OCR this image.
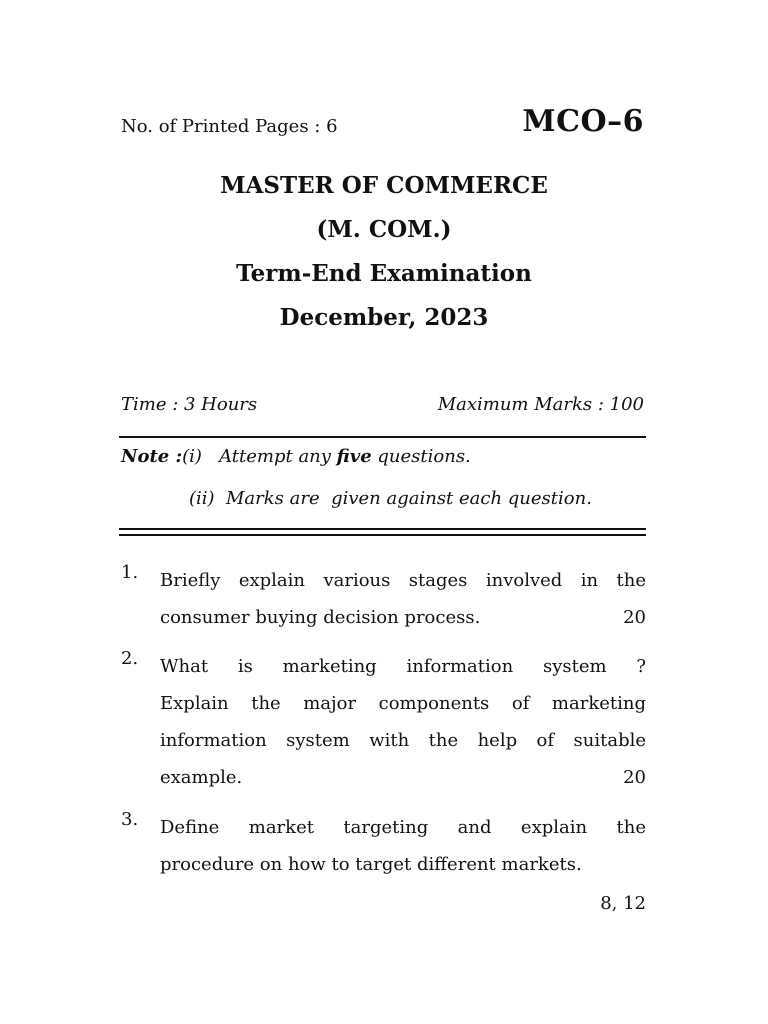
No. of Printed Pages : 6	MCO–6
MASTER OF COMMERCE
(M. COM.)
Term-End Examination
December, 2023
Time : 3 Hours	Maximum Marks : 100
Note :(i)   Attempt any five questions.
(ii)  Marks are  given against each question.
1. Briefly explain various stages involved in the
consumer buying decision process.	20
2. What is marketing information system ?
Explain the major components of marketing
information system with the help of suitable
example.	20
3. Define market targeting and explain the
procedure on how to target different markets.
8, 12
